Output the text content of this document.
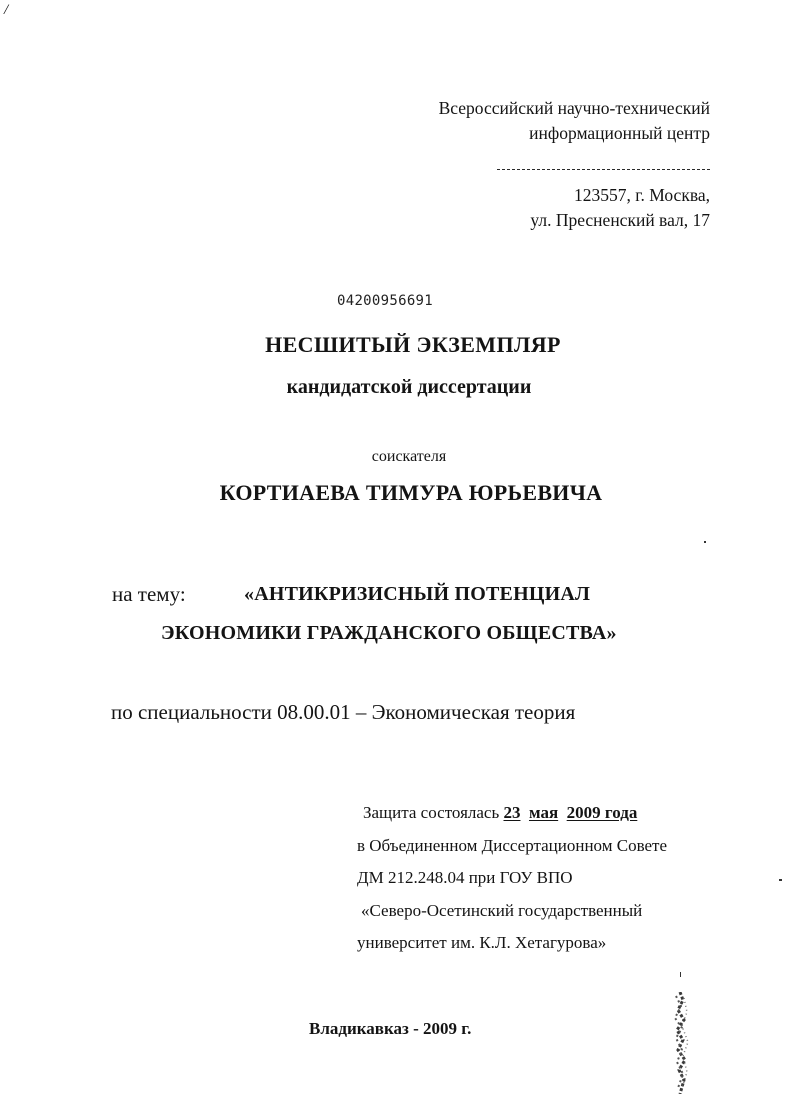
/
Всероссийский научно-технический
информационный центр
123557, г. Москва,
ул. Пресненский вал, 17
04200956691
НЕСШИТЫЙ ЭКЗЕМПЛЯР
кандидатской диссертации
соискателя
КОРТИАЕВА ТИМУРА ЮРЬЕВИЧА
на тему:	«АНТИКРИЗИСНЫЙ ПОТЕНЦИАЛ
ЭКОНОМИКИ ГРАЖДАНСКОГО ОБЩЕСТВА»
по специальности 08.00.01 – Экономическая теория
Защита состоялась 23 мая 2009 года
в Объединенном Диссертационном Совете
ДМ 212.248.04 при ГОУ ВПО
«Северо-Осетинский государственный
университет им. К.Л. Хетагурова»
Владикавказ - 2009 г.
